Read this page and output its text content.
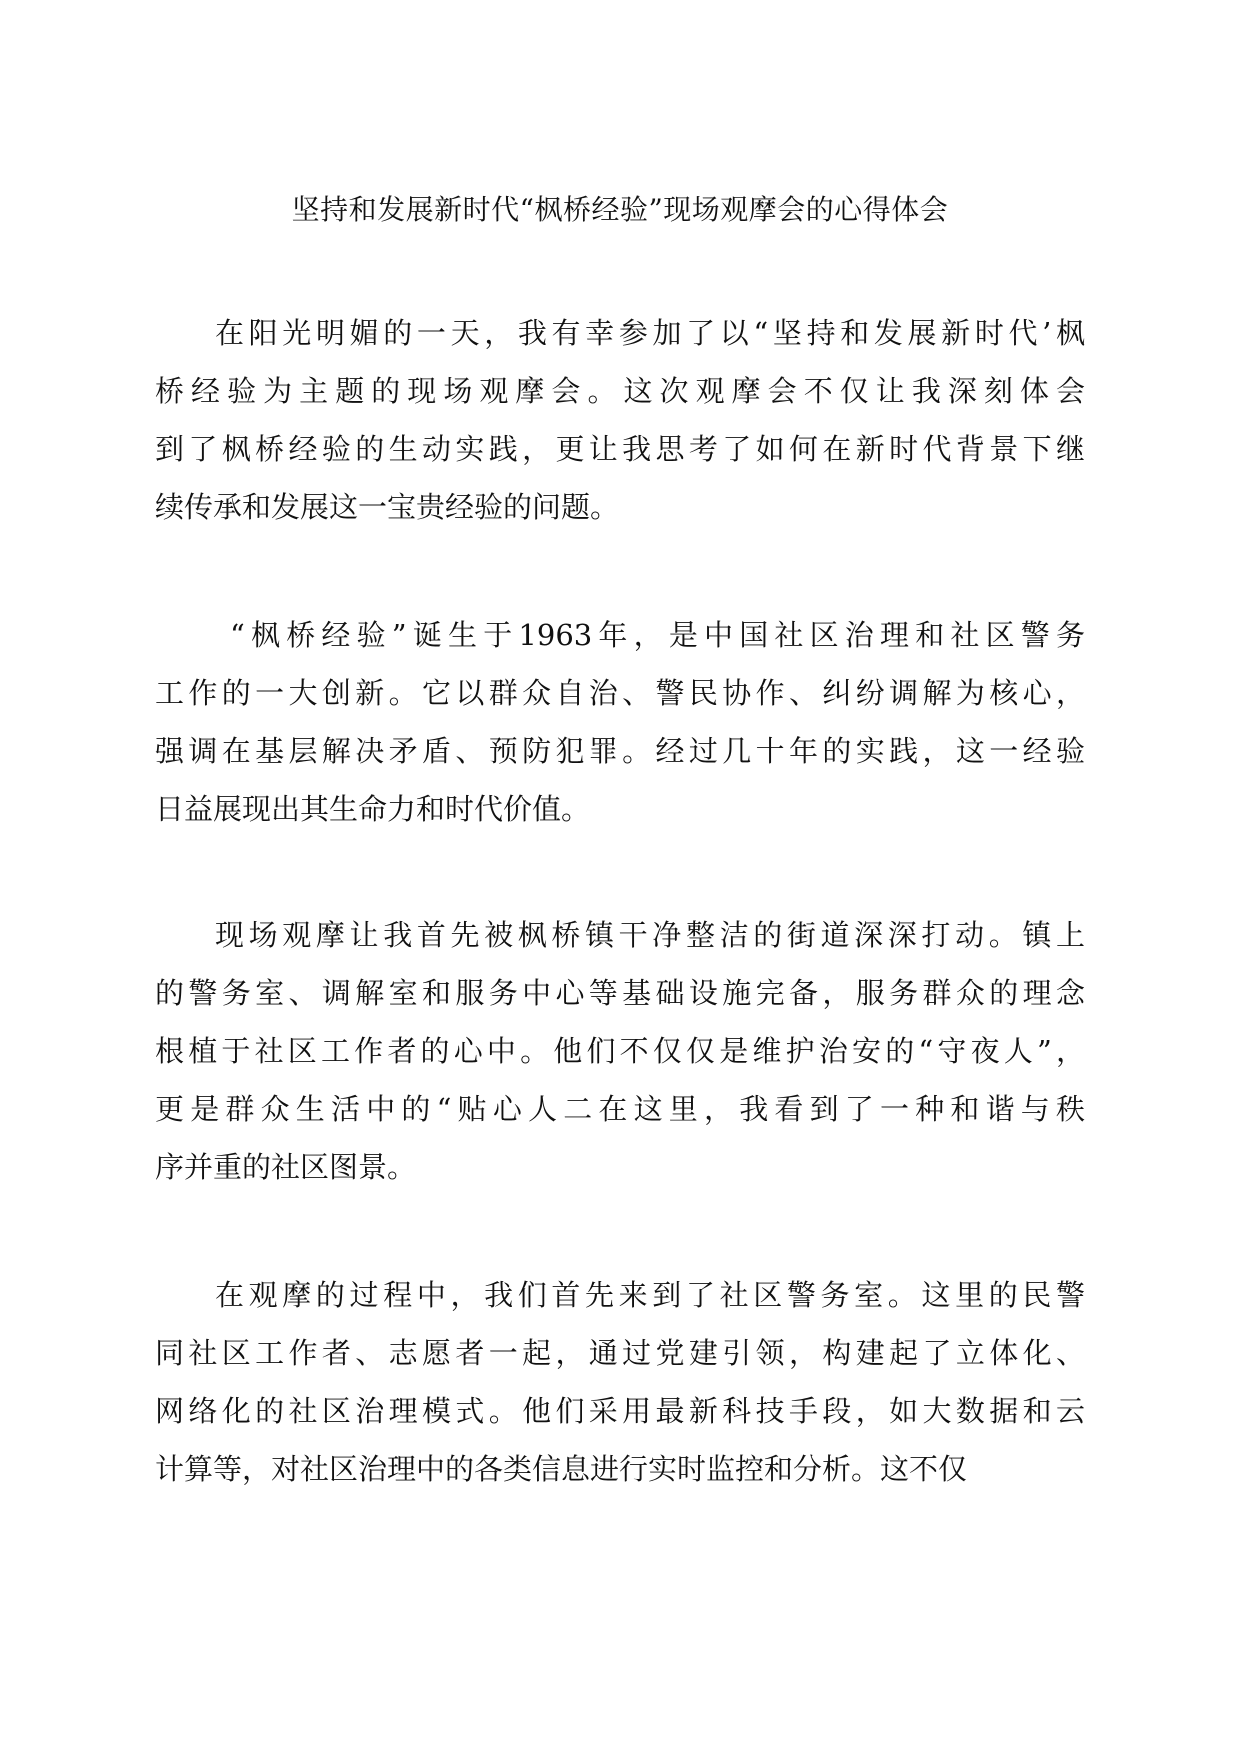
坚持和发展新时代“枫桥经验”现场观摩会的心得体会
在阳光明媚的一天，我有幸参加了以“坚持和发展新时代’枫
桥经验为主题的现场观摩会。这次观摩会不仅让我深刻体会
到了枫桥经验的生动实践，更让我思考了如何在新时代背景下继
续传承和发展这一宝贵经验的问题。
“枫桥经验”诞生于1963年，是中国社区治理和社区警务
工作的一大创新。它以群众自治、警民协作、纠纷调解为核心，
强调在基层解决矛盾、预防犯罪。经过几十年的实践，这一经验
日益展现出其生命力和时代价值。
现场观摩让我首先被枫桥镇干净整洁的街道深深打动。镇上
的警务室、调解室和服务中心等基础设施完备，服务群众的理念
根植于社区工作者的心中。他们不仅仅是维护治安的“守夜人”，
更是群众生活中的“贴心人二在这里，我看到了一种和谐与秩
序并重的社区图景。
在观摩的过程中，我们首先来到了社区警务室。这里的民警
同社区工作者、志愿者一起，通过党建引领，构建起了立体化、
网络化的社区治理模式。他们采用最新科技手段，如大数据和云
计算等，对社区治理中的各类信息进行实时监控和分析。这不仅
